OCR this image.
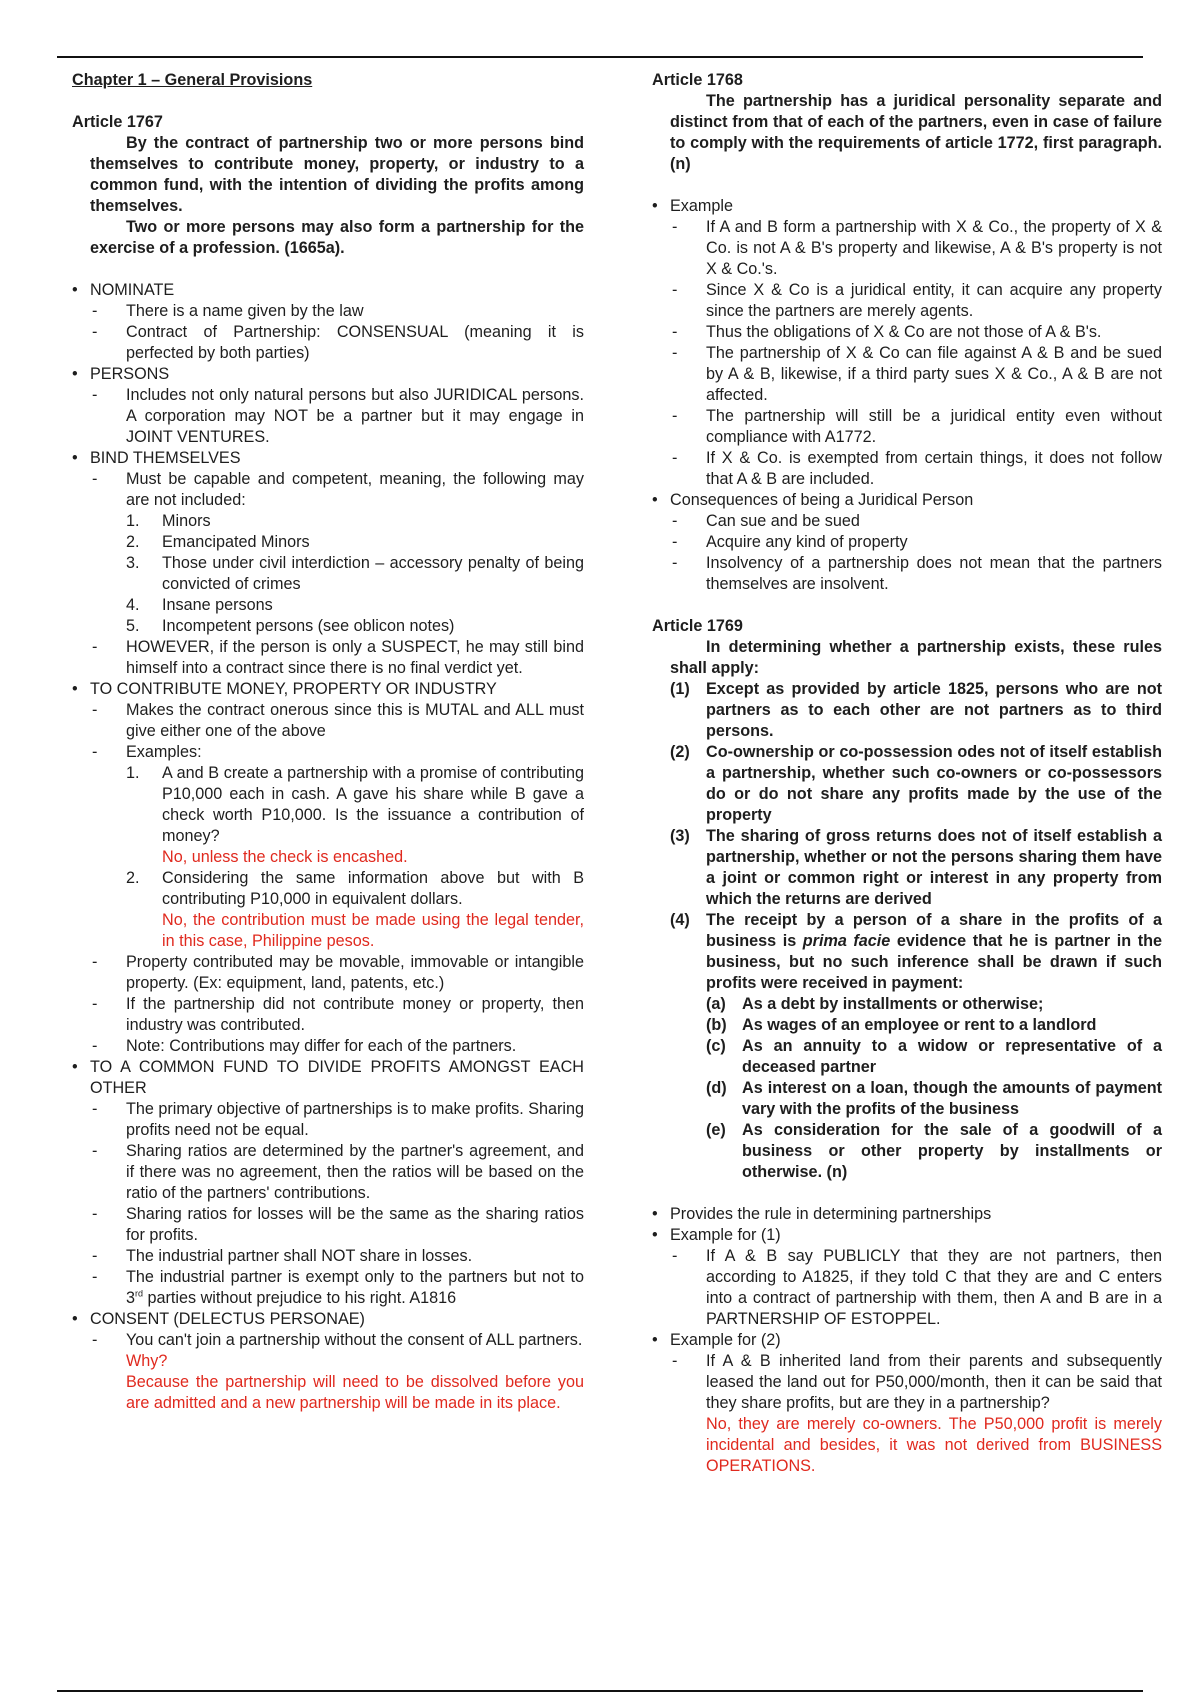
Chapter 1 – General Provisions
Article 1767

By the contract of partnership two or more persons bind themselves to contribute money, property, or industry to a common fund, with the intention of dividing the profits among themselves.

Two or more persons may also form a partnership for the exercise of a profession. (1665a).

• NOMINATE
- There is a name given by the law
- Contract of Partnership: CONSENSUAL (meaning it is perfected by both parties)
• PERSONS
- Includes not only natural persons but also JURIDICAL persons. A corporation may NOT be a partner but it may engage in JOINT VENTURES.
• BIND THEMSELVES
- Must be capable and competent, meaning, the following may are not included:
1. Minors
2. Emancipated Minors
3. Those under civil interdiction – accessory penalty of being convicted of crimes
4. Insane persons
5. Incompetent persons (see oblicon notes)
- HOWEVER, if the person is only a SUSPECT, he may still bind himself into a contract since there is no final verdict yet.
• TO CONTRIBUTE MONEY, PROPERTY OR INDUSTRY
- Makes the contract onerous since this is MUTAL and ALL must give either one of the above
- Examples:
1. A and B create a partnership with a promise of contributing P10,000 each in cash. A gave his share while B gave a check worth P10,000. Is the issuance a contribution of money?
No, unless the check is encashed.
2. Considering the same information above but with B contributing P10,000 in equivalent dollars.
No, the contribution must be made using the legal tender, in this case, Philippine pesos.
- Property contributed may be movable, immovable or intangible property. (Ex: equipment, land, patents, etc.)
- If the partnership did not contribute money or property, then industry was contributed.
- Note: Contributions may differ for each of the partners.
• TO A COMMON FUND TO DIVIDE PROFITS AMONGST EACH OTHER
- The primary objective of partnerships is to make profits. Sharing profits need not be equal.
- Sharing ratios are determined by the partner's agreement, and if there was no agreement, then the ratios will be based on the ratio of the partners' contributions.
- Sharing ratios for losses will be the same as the sharing ratios for profits.
- The industrial partner shall NOT share in losses.
- The industrial partner is exempt only to the partners but not to 3rd parties without prejudice to his right. A1816
• CONSENT (DELECTUS PERSONAE)
- You can't join a partnership without the consent of ALL partners.
Why?
Because the partnership will need to be dissolved before you are admitted and a new partnership will be made in its place.
Article 1768

The partnership has a juridical personality separate and distinct from that of each of the partners, even in case of failure to comply with the requirements of article 1772, first paragraph. (n)

• Example
- If A and B form a partnership with X & Co., the property of X & Co. is not A & B's property and likewise, A & B's property is not X & Co.'s.
- Since X & Co is a juridical entity, it can acquire any property since the partners are merely agents.
- Thus the obligations of X & Co are not those of A & B's.
- The partnership of X & Co can file against A & B and be sued by A & B, likewise, if a third party sues X & Co., A & B are not affected.
- The partnership will still be a juridical entity even without compliance with A1772.
- If X & Co. is exempted from certain things, it does not follow that A & B are included.
• Consequences of being a Juridical Person
- Can sue and be sued
- Acquire any kind of property
- Insolvency of a partnership does not mean that the partners themselves are insolvent.
Article 1769

In determining whether a partnership exists, these rules shall apply:

(1) Except as provided by article 1825, persons who are not partners as to each other are not partners as to third persons.
(2) Co-ownership or co-possession odes not of itself establish a partnership, whether such co-owners or co-possessors do or do not share any profits made by the use of the property
(3) The sharing of gross returns does not of itself establish a partnership, whether or not the persons sharing them have a joint or common right or interest in any property from which the returns are derived
(4) The receipt by a person of a share in the profits of a business is prima facie evidence that he is partner in the business, but no such inference shall be drawn if such profits were received in payment:
(a) As a debt by installments or otherwise;
(b) As wages of an employee or rent to a landlord
(c) As an annuity to a widow or representative of a deceased partner
(d) As interest on a loan, though the amounts of payment vary with the profits of the business
(e) As consideration for the sale of a goodwill of a business or other property by installments or otherwise. (n)
• Provides the rule in determining partnerships
• Example for (1)
- If A & B say PUBLICLY that they are not partners, then according to A1825, if they told C that they are and C enters into a contract of partnership with them, then A and B are in a PARTNERSHIP OF ESTOPPEL.
• Example for (2)
- If A & B inherited land from their parents and subsequently leased the land out for P50,000/month, then it can be said that they share profits, but are they in a partnership?
No, they are merely co-owners. The P50,000 profit is merely incidental and besides, it was not derived from BUSINESS OPERATIONS.
